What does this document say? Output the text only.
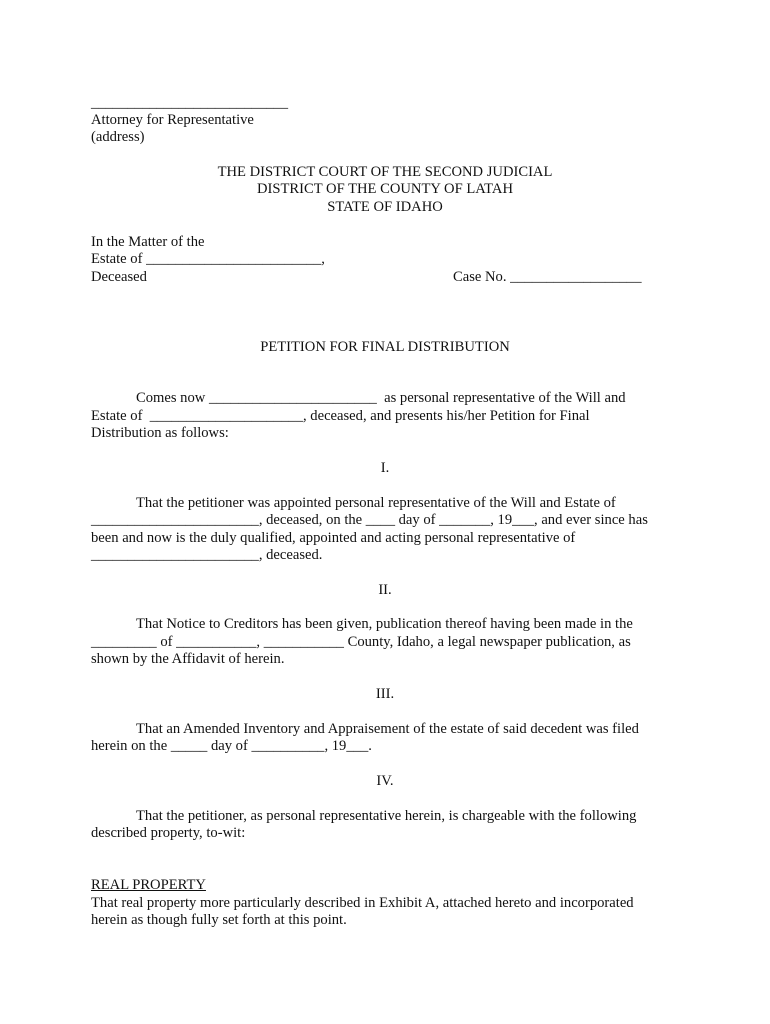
___________________________
Attorney for Representative
(address)
THE DISTRICT COURT OF THE SECOND JUDICIAL
DISTRICT OF THE COUNTY OF LATAH
STATE OF IDAHO
In the Matter of the
Estate of ________________________,
Deceased	Case No. __________________
PETITION FOR FINAL DISTRIBUTION
Comes now _______________________  as personal representative of the Will and
Estate of  _____________________, deceased, and presents his/her Petition for Final
Distribution as follows:
I.
That the petitioner was appointed personal representative of the Will and Estate of
_______________________, deceased, on the ____ day of _______, 19___, and ever since has
been and now is the duly qualified, appointed and acting personal representative of
_______________________, deceased.
II.
That Notice to Creditors has been given, publication thereof having been made in the
_________ of ___________, ___________ County, Idaho, a legal newspaper publication, as
shown by the Affidavit of herein.
III.
That an Amended Inventory and Appraisement of the estate of said decedent was filed
herein on the _____ day of __________, 19___.
IV.
That the petitioner, as personal representative herein, is chargeable with the following
described property, to-wit:
REAL PROPERTY
That real property more particularly described in Exhibit A, attached hereto and incorporated
herein as though fully set forth at this point.
